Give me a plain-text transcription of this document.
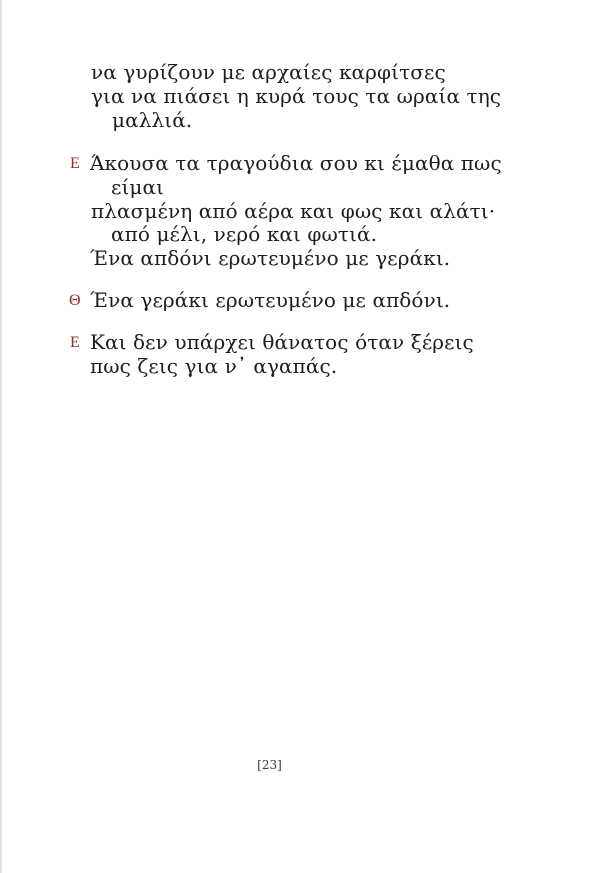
να γυρίζουν με αρχαίες καρφίτσες
για να πιάσει η κυρά τους τα ωραία της
μαλλιά.
Ε Άκουσα τα τραγούδια σου κι έμαθα πως
είμαι
πλασμένη από αέρα και φως και αλάτι·
από μέλι, νερό και φωτιά.
Ένα απδόνι ερωτευμένο με γεράκι.
Θ Ένα γεράκι ερωτευμένο με απδόνι.
Ε Και δεν υπάρχει θάνατος όταν ξέρεις
πως ζεις για ν᾽ αγαπάς.
[23]
